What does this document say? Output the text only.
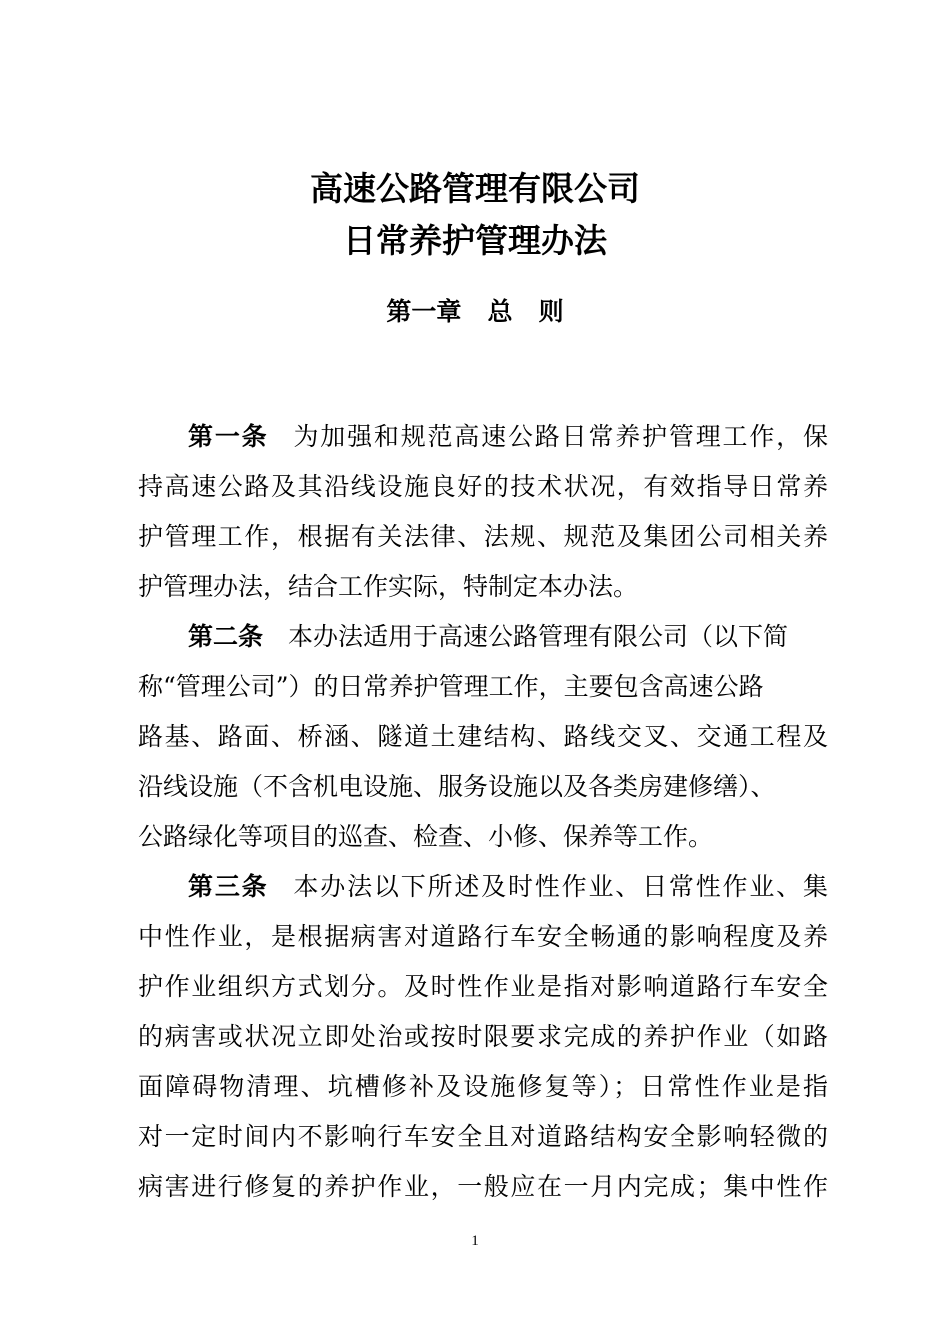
高速公路管理有限公司
日常养护管理办法
第一章   总   则

第一条 为加强和规范高速公路日常养护管理工作，保

持高速公路及其沿线设施良好的技术状况，有效指导日常养

护管理工作，根据有关法律、法规、规范及集团公司相关养

护管理办法，结合工作实际，特制定本办法。

第二条 本办法适用于高速公路管理有限公司（以下简

称“管理公司”）的日常养护管理工作，主要包含高速公路

路基、路面、桥涵、隧道土建结构、路线交叉、交通工程及

沿线设施（不含机电设施、服务设施以及各类房建修缮）、

公路绿化等项目的巡查、检查、小修、保养等工作。

第三条 本办法以下所述及时性作业、日常性作业、集

中性作业，是根据病害对道路行车安全畅通的影响程度及养

护作业组织方式划分。及时性作业是指对影响道路行车安全

的病害或状况立即处治或按时限要求完成的养护作业（如路

面障碍物清理、坑槽修补及设施修复等）；日常性作业是指

对一定时间内不影响行车安全且对道路结构安全影响轻微的

病害进行修复的养护作业，一般应在一月内完成；集中性作

1
